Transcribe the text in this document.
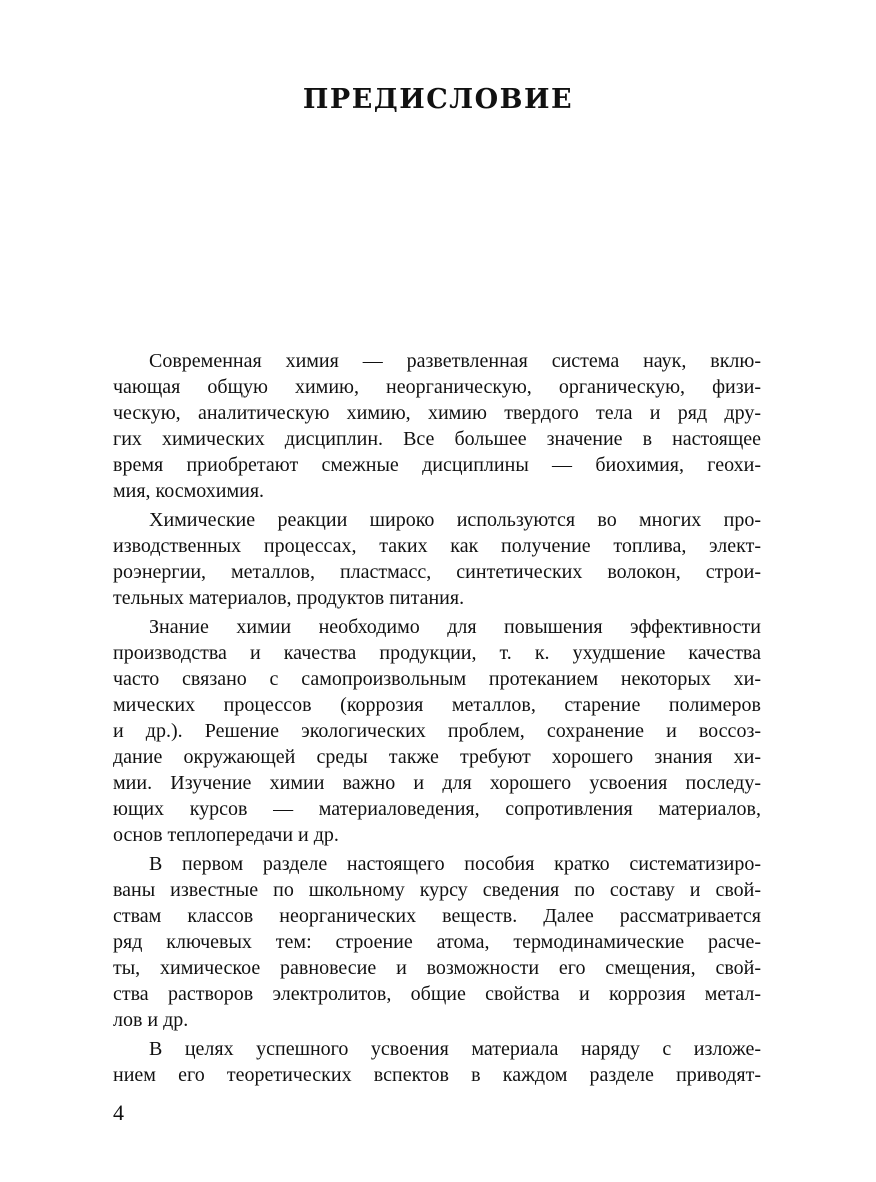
ПРЕДИСЛОВИЕ
Современная химия — разветвленная система наук, вклю-
чающая общую химию, неорганическую, органическую, физи-
ческую, аналитическую химию, химию твердого тела и ряд дру-
гих химических дисциплин. Все большее значение в настоящее
время приобретают смежные дисциплины — биохимия, геохи-
мия, космохимия.
Химические реакции широко используются во многих про-
изводственных процессах, таких как получение топлива, элект-
роэнергии, металлов, пластмасс, синтетических волокон, строи-
тельных материалов, продуктов питания.
Знание химии необходимо для повышения эффективности
производства и качества продукции, т. к. ухудшение качества
часто связано с самопроизвольным протеканием некоторых хи-
мических процессов (коррозия металлов, старение полимеров
и др.). Решение экологических проблем, сохранение и воссоз-
дание окружающей среды также требуют хорошего знания хи-
мии. Изучение химии важно и для хорошего усвоения последу-
ющих курсов — материаловедения, сопротивления материалов,
основ теплопередачи и др.
В первом разделе настоящего пособия кратко систематизиро-
ваны известные по школьному курсу сведения по составу и свой-
ствам классов неорганических веществ. Далее рассматривается
ряд ключевых тем: строение атома, термодинамические расче-
ты, химическое равновесие и возможности его смещения, свой-
ства растворов электролитов, общие свойства и коррозия метал-
лов и др.
В целях успешного усвоения материала наряду с изложе-
нием его теоретических вспектов в каждом разделе приводят-
4
